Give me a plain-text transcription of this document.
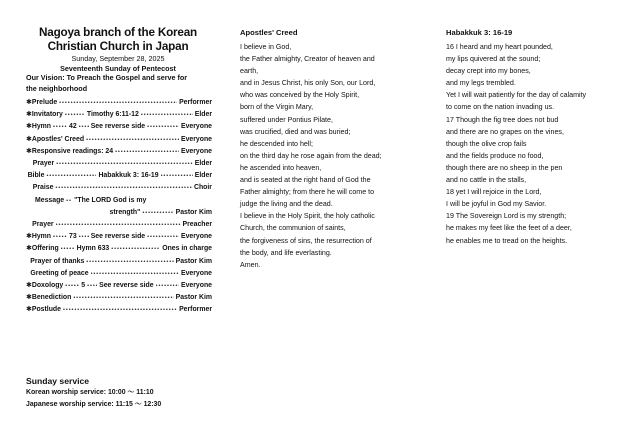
Nagoya branch of the Korean
Christian Church in Japan
Sunday, September 28, 2025
Seventeenth Sunday of Pentecost
Our Vision: To Preach the Gospel and serve for
the neighborhood
✱ Prelude •••••	Performer
✱ Invitatory •••••	Timothy 6:11-12 •••••	Elder
✱ Hymn •••••	42 ••••• See reverse side •••••	Everyone
✱ Apostles' Creed •••••	Everyone
✱ Responsive readings: 24 •••••	Everyone
Prayer •••••	Elder
Bible •••••	Habakkuk 3: 16-19 •••••	Elder
Praise •••••	Choir
Message ••••• "The LORD God is my
strength" •••••	Pastor Kim
Prayer •••••	Preacher
✱ Hymn •••••	73 ••••• See reverse side •••••	Everyone
✱ Offering •••••	Hymn 633 •••••	Ones in charge
Prayer of thanks •••••	Pastor Kim
Greeting of peace •••••	Everyone
✱ Doxology •••••	5 ••••• See reverse side •••••	Everyone
✱ Benediction •••••	Pastor Kim
✱ Postlude •••••	Performer
Sunday service
Korean worship service: 10:00 ～ 11:10
Japanese worship service: 11:15 ～ 12:30
Apostles' Creed
I believe in God,
the Father almighty, Creator of heaven and
earth,
and in Jesus Christ, his only Son, our Lord,
who was conceived by the Holy Spirit,
born of the Virgin Mary,
suffered under Pontius Pilate,
was crucified, died and was buried;
he descended into hell;
on the third day he rose again from the dead;
he ascended into heaven,
and is seated at the right hand of God the
Father almighty; from there he will come to
judge the living and the dead.
I believe in the Holy Spirit, the holy catholic
Church, the communion of saints,
the forgiveness of sins, the resurrection of
the body, and life everlasting.
Amen.
Habakkuk 3: 16-19
16 I heard and my heart pounded,
my lips quivered at the sound;
decay crept into my bones,
and my legs trembled.
Yet I will wait patiently for the day of calamity
to come on the nation invading us.
17 Though the fig tree does not bud
and there are no grapes on the vines,
though the olive crop fails
and the fields produce no food,
though there are no sheep in the pen
and no cattle in the stalls,
18 yet I will rejoice in the Lord,
I will be joyful in God my Savior.
19 The Sovereign Lord is my strength;
he makes my feet like the feet of a deer,
he enables me to tread on the heights.
